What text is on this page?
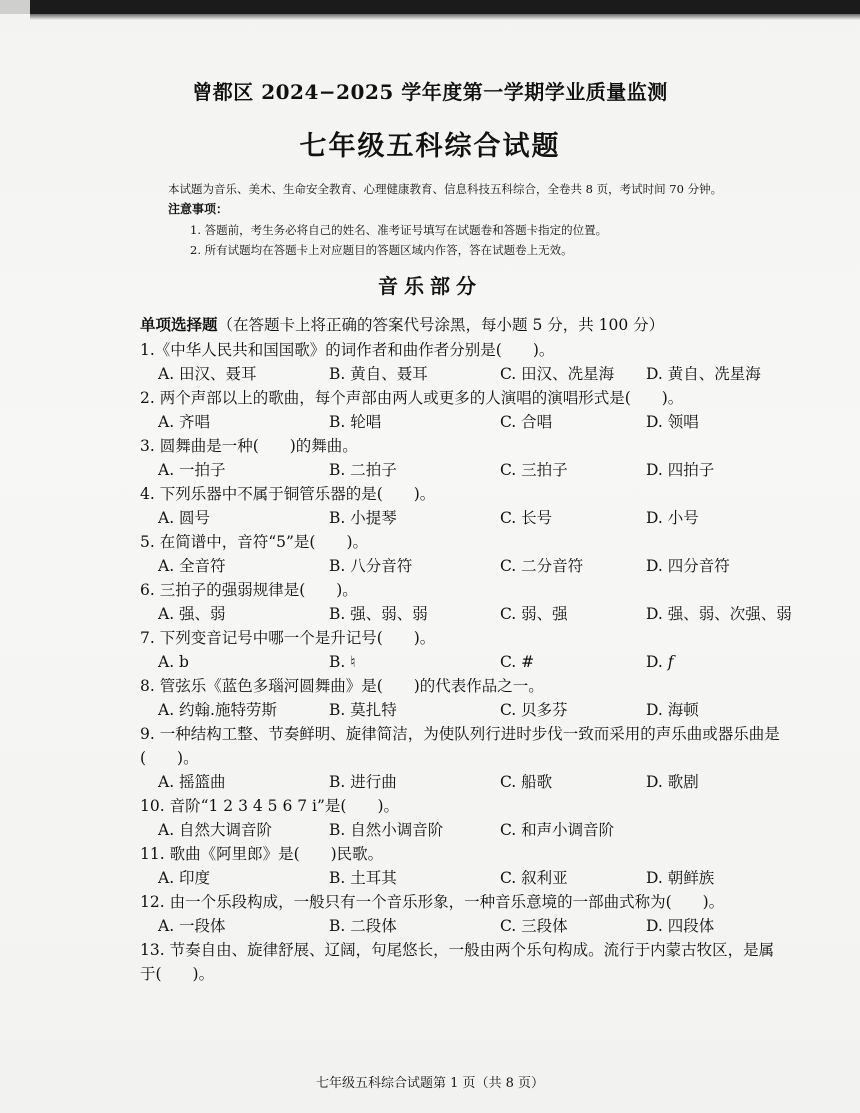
曾都区 2024−2025 学年度第一学期学业质量监测
七年级五科综合试题
本试题为音乐、美术、生命安全教育、心理健康教育、信息科技五科综合，全卷共 8 页，考试时间 70 分钟。
注意事项：
1. 答题前，考生务必将自己的姓名、准考证号填写在试题卷和答题卡指定的位置。
2. 所有试题均在答题卡上对应题目的答题区域内作答，答在试题卷上无效。
音乐部分
单项选择题（在答题卡上将正确的答案代号涂黑，每小题 5 分，共 100 分）
1.《中华人民共和国国歌》的词作者和曲作者分别是(　　)。
A. 田汉、聂耳	B. 黄自、聂耳	C. 田汉、冼星海	D. 黄自、冼星海
2. 两个声部以上的歌曲，每个声部由两人或更多的人演唱的演唱形式是(　　)。
A. 齐唱	B. 轮唱	C. 合唱	D. 领唱
3. 圆舞曲是一种(　　)的舞曲。
A. 一拍子	B. 二拍子	C. 三拍子	D. 四拍子
4. 下列乐器中不属于铜管乐器的是(　　)。
A. 圆号	B. 小提琴	C. 长号	D. 小号
5. 在简谱中，音符“5”是(　　)。
A. 全音符	B. 八分音符	C. 二分音符	D. 四分音符
6. 三拍子的强弱规律是(　　)。
A. 强、弱	B. 强、弱、弱	C. 弱、强	D. 强、弱、次强、弱
7. 下列变音记号中哪一个是升记号(　　)。
A. b	B. ♮	C. #	D. 𝑓
8. 管弦乐《蓝色多瑙河圆舞曲》是(　　)的代表作品之一。
A. 约翰.施特劳斯	B. 莫扎特	C. 贝多芬	D. 海顿
9. 一种结构工整、节奏鲜明、旋律简洁，为使队列行进时步伐一致而采用的声乐曲或器乐曲是(　　)。
A. 摇篮曲	B. 进行曲	C. 船歌	D. 歌剧
10. 音阶“1 2 3 4 5 6 7 i”是(　　)。
A. 自然大调音阶	B. 自然小调音阶	C. 和声小调音阶
11. 歌曲《阿里郎》是(　　)民歌。
A. 印度	B. 土耳其	C. 叙利亚	D. 朝鲜族
12. 由一个乐段构成，一般只有一个音乐形象，一种音乐意境的一部曲式称为(　　)。
A. 一段体	B. 二段体	C. 三段体	D. 四段体
13. 节奏自由、旋律舒展、辽阔，句尾悠长，一般由两个乐句构成。流行于内蒙古牧区，是属于(　　)。
七年级五科综合试题第 1 页（共 8 页）
